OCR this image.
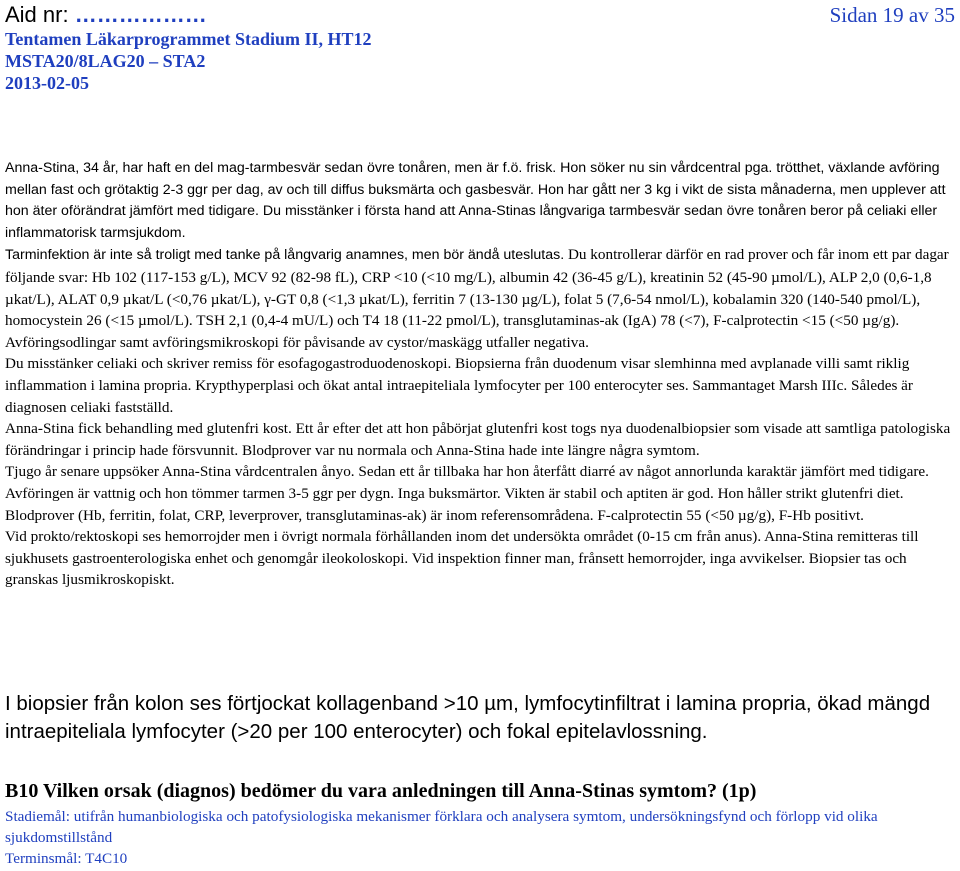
Aid nr: ………………	Sidan 19 av 35
Tentamen Läkarprogrammet Stadium II, HT12
MSTA20/8LAG20 – STA2
2013-02-05

Anna-Stina, 34 år, har haft en del mag-tarmbesvär sedan övre tonåren, men är f.ö. frisk. Hon söker nu sin vårdcentral pga. trötthet, växlande avföring mellan fast och grötaktig 2-3 ggr per dag, av och till diffus buksmärta och gasbesvär. Hon har gått ner 3 kg i vikt de sista månaderna, men upplever att hon äter oförändrat jämfört med tidigare. Du misstänker i första hand att Anna-Stinas långvariga tarmbesvär sedan övre tonåren beror på celiaki eller inflammatorisk tarmsjukdom.

Tarminfektion är inte så troligt med tanke på långvarig anamnes, men bör ändå uteslutas. Du kontrollerar därför en rad prover och får inom ett par dagar följande svar: Hb 102 (117-153 g/L), MCV 92 (82-98 fL), CRP <10 (<10 mg/L), albumin 42 (36-45 g/L), kreatinin 52 (45-90 µmol/L), ALP 2,0 (0,6-1,8 µkat/L), ALAT 0,9 µkat/L (<0,76 µkat/L), γ-GT 0,8 (<1,3 µkat/L), ferritin 7 (13-130 µg/L), folat 5 (7,6-54 nmol/L), kobalamin 320 (140-540 pmol/L), homocystein 26 (<15 µmol/L). TSH 2,1 (0,4-4 mU/L) och T4 18 (11-22 pmol/L), transglutaminas-ak (IgA) 78 (<7), F-calprotectin <15 (<50 µg/g). Avföringsodlingar samt avföringsmikroskopi för påvisande av cystor/maskägg utfaller negativa.

Du misstänker celiaki och skriver remiss för esofagogastroduodenoskopi. Biopsierna från duodenum visar slemhinna med avplanade villi samt riklig inflammation i lamina propria. Krypthyperplasi och ökat antal intraepiteliala lymfocyter per 100 enterocyter ses. Sammantaget Marsh IIIc. Således är diagnosen celiaki fastställd.

Anna-Stina fick behandling med glutenfri kost. Ett år efter det att hon påbörjat glutenfri kost togs nya duodenalbiopsier som visade att samtliga patologiska förändringar i princip hade försvunnit. Blodprover var nu normala och Anna-Stina hade inte längre några symtom.

Tjugo år senare uppsöker Anna-Stina vårdcentralen ånyo. Sedan ett år tillbaka har hon återfått diarré av något annorlunda karaktär jämfört med tidigare. Avföringen är vattnig och hon tömmer tarmen 3-5 ggr per dygn. Inga buksmärtor. Vikten är stabil och aptiten är god. Hon håller strikt glutenfri diet. Blodprover (Hb, ferritin, folat, CRP, leverprover, transglutaminas-ak) är inom referensområdena. F-calprotectin 55 (<50 µg/g), F-Hb positivt.

Vid prokto/rektoskopi ses hemorrojder men i övrigt normala förhållanden inom det undersökta området (0-15 cm från anus). Anna-Stina remitteras till sjukhusets gastroenterologiska enhet och genomgår ileokoloskopi. Vid inspektion finner man, frånsett hemorrojder, inga avvikelser. Biopsier tas och granskas ljusmikroskopiskt.

I biopsier från kolon ses förtjockat kollagenband >10 µm, lymfocytinfiltrat i lamina propria, ökad mängd intraepiteliala lymfocyter (>20 per 100 enterocyter) och fokal epitelavlossning.
B10 Vilken orsak (diagnos) bedömer du vara anledningen till Anna-Stinas symtom? (1p)

Stadiemål: utifrån humanbiologiska och patofysiologiska mekanismer förklara och analysera symtom, undersökningsfynd och förlopp vid olika sjukdomstillstånd

Terminsmål: T4C10
